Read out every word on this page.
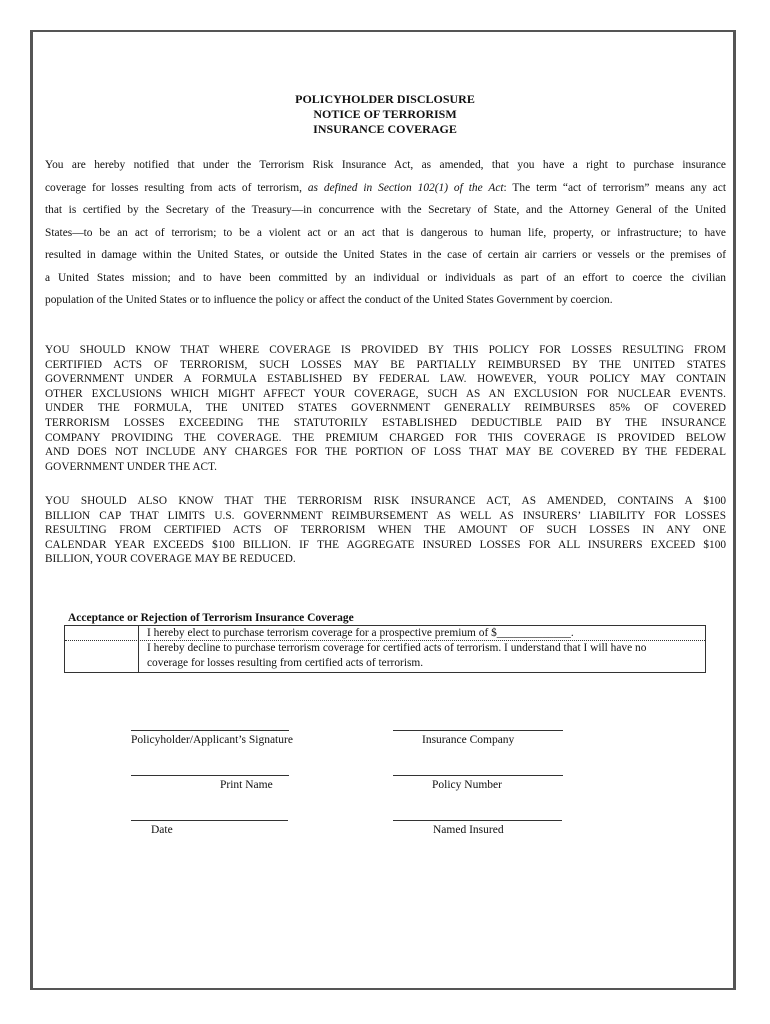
POLICYHOLDER DISCLOSURE
NOTICE OF TERRORISM
INSURANCE COVERAGE
You are hereby notified that under the Terrorism Risk Insurance Act, as amended, that you have a right to purchase insurance
coverage for losses resulting from acts of terrorism, as defined in Section 102(1) of the Act: The term “act of terrorism” means any act
that is certified by the Secretary of the Treasury—in concurrence with the Secretary of State, and the Attorney General of the United
States—to be an act of terrorism; to be a violent act or an act that is dangerous to human life, property, or infrastructure; to have
resulted in damage within the United States, or outside the United States in the case of certain air carriers or vessels or the premises of
a United States mission; and to have been committed by an individual or individuals as part of an effort to coerce the civilian
population of the United States or to influence the policy or affect the conduct of the United States Government by coercion.
YOU SHOULD KNOW THAT WHERE COVERAGE IS PROVIDED BY THIS POLICY FOR LOSSES RESULTING FROM
CERTIFIED ACTS OF TERRORISM, SUCH LOSSES MAY BE PARTIALLY REIMBURSED BY THE UNITED STATES
GOVERNMENT UNDER A FORMULA ESTABLISHED BY FEDERAL LAW. HOWEVER, YOUR POLICY MAY CONTAIN
OTHER EXCLUSIONS WHICH MIGHT AFFECT YOUR COVERAGE, SUCH AS AN EXCLUSION FOR NUCLEAR EVENTS.
UNDER THE FORMULA, THE UNITED STATES GOVERNMENT GENERALLY REIMBURSES 85% OF COVERED
TERRORISM LOSSES EXCEEDING THE STATUTORILY ESTABLISHED DEDUCTIBLE PAID BY THE INSURANCE
COMPANY PROVIDING THE COVERAGE. THE PREMIUM CHARGED FOR THIS COVERAGE IS PROVIDED BELOW
AND DOES NOT INCLUDE ANY CHARGES FOR THE PORTION OF LOSS THAT MAY BE COVERED BY THE FEDERAL
GOVERNMENT UNDER THE ACT.
YOU SHOULD ALSO KNOW THAT THE TERRORISM RISK INSURANCE ACT, AS AMENDED, CONTAINS A $100
BILLION CAP THAT LIMITS U.S. GOVERNMENT REIMBURSEMENT AS WELL AS INSURERS’ LIABILITY FOR LOSSES
RESULTING FROM CERTIFIED ACTS OF TERRORISM WHEN THE AMOUNT OF SUCH LOSSES IN ANY ONE
CALENDAR YEAR EXCEEDS $100 BILLION. IF THE AGGREGATE INSURED LOSSES FOR ALL INSURERS EXCEED $100
BILLION, YOUR COVERAGE MAY BE REDUCED.
Acceptance or Rejection of Terrorism Insurance Coverage
I hereby elect to purchase terrorism coverage for a prospective premium of $_____________.
I hereby decline to purchase terrorism coverage for certified acts of terrorism. I understand that I will have no
coverage for losses resulting from certified acts of terrorism.
Policyholder/Applicant’s Signature	Insurance Company
Print Name	Policy Number
Date	Named Insured
